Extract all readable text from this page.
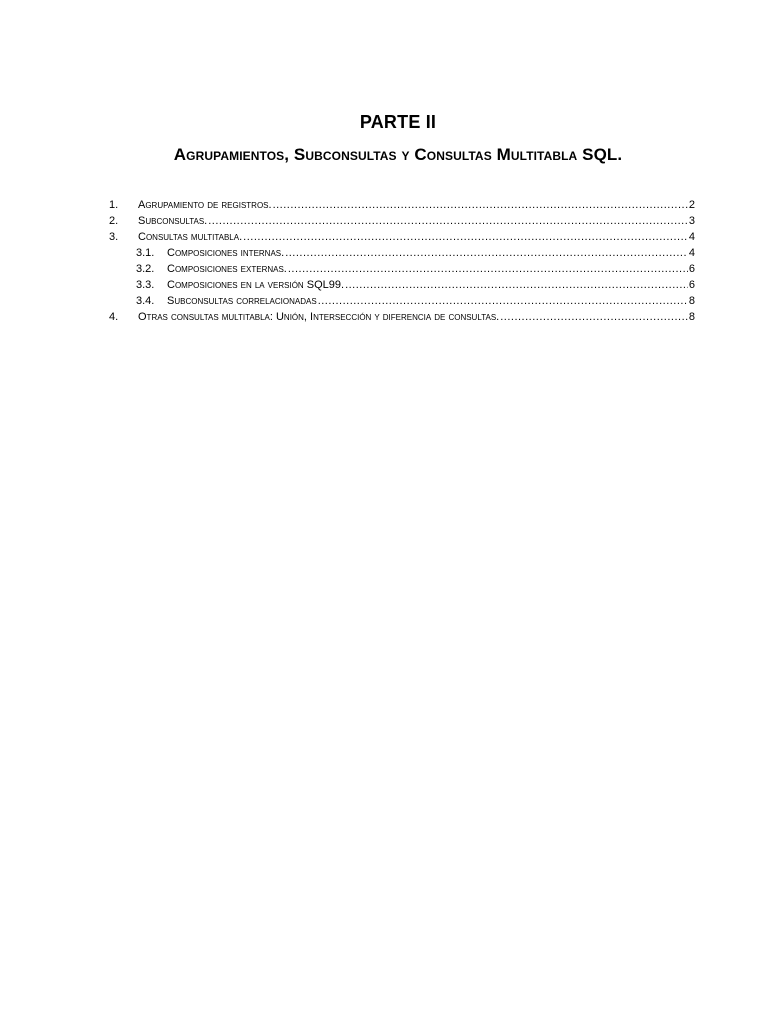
PARTE II
Agrupamientos, Subconsultas y Consultas Multitabla SQL.
1.	Agrupamiento de registros. .....	2
2.	Subconsultas. .....	3
3.	Consultas multitabla. .....	4
3.1.	Composiciones internas. .....	4
3.2.	Composiciones externas. .....	6
3.3.	Composiciones en la versión SQL99. .....	6
3.4.	Subconsultas correlacionadas .....	8
4.	Otras consultas multitabla: Unión, Intersección y diferencia de consultas. .....	8
